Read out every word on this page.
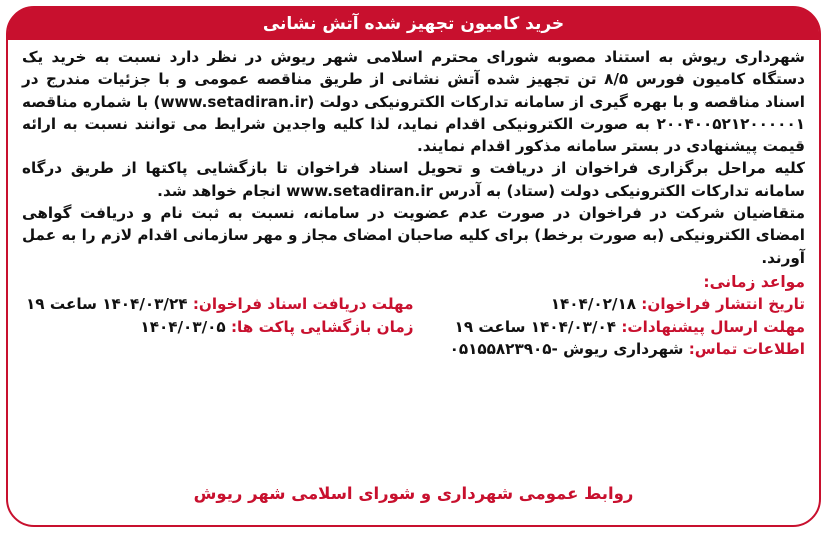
خرید کامیون تجهیز شده آتش نشانی

شهرداری ریوش به استناد مصوبه شورای محترم اسلامی شهر ریوش در نظر دارد نسبت به خرید یک دستگاه کامیون فورس ۸/۵ تن تجهیز شده آتش نشانی از طریق مناقصه عمومی و با جزئیات مندرج در اسناد مناقصه و با بهره گیری از سامانه تدارکات الکترونیکی دولت (www.setadiran.ir) با شماره مناقصه ۲۰۰۴۰۰۵۲۱۲۰۰۰۰۰۱ به صورت الکترونیکی اقدام نماید، لذا کلیه واجدین شرایط می توانند نسبت به ارائه قیمت پیشنهادی در بستر سامانه مذکور اقدام نمایند.

کلیه مراحل برگزاری فراخوان از دریافت و تحویل اسناد فراخوان تا بازگشایی پاکتها از طریق درگاه سامانه تدارکات الکترونیکی دولت (ستاد) به آدرس www.setadiran.ir انجام خواهد شد.

متقاضیان شرکت در فراخوان در صورت عدم عضویت در سامانه، نسبت به ثبت نام و دریافت گواهی امضای الکترونیکی (به صورت برخط) برای کلیه صاحبان امضای مجاز و مهر سازمانی اقدام لازم را به عمل آورند.

مواعد زمانی:
تاریخ انتشار فراخوان: ۱۴۰۴/۰۲/۱۸
مهلت دریافت اسناد فراخوان: ۱۴۰۴/۰۳/۲۴ ساعت ۱۹
مهلت ارسال پیشنهادات: ۱۴۰۴/۰۳/۰۴ ساعت ۱۹
زمان بازگشایی پاکت ها: ۱۴۰۴/۰۳/۰۵
اطلاعات تماس: شهرداری ریوش -۰۵۱۵۵۸۲۳۹۰۵
روابط عمومی شهرداری و شورای اسلامی شهر ریوش
